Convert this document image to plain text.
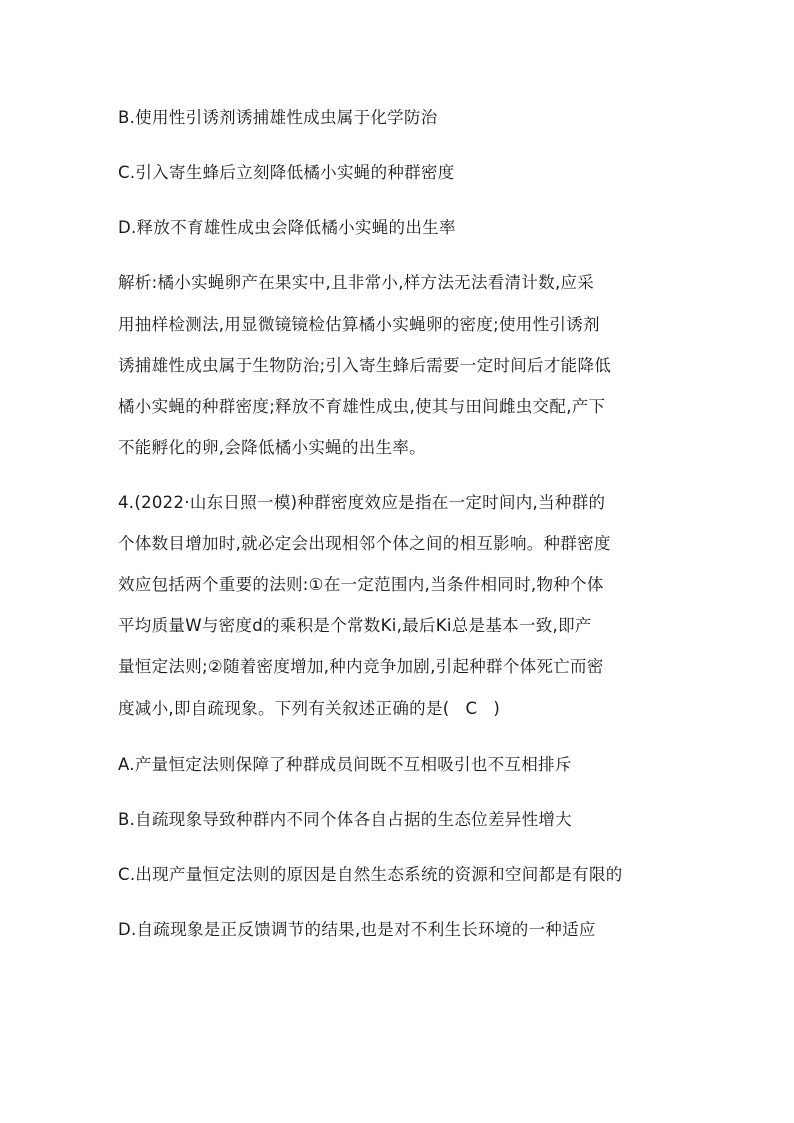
B.使用性引诱剂诱捕雄性成虫属于化学防治
C.引入寄生蜂后立刻降低橘小实蝇的种群密度
D.释放不育雄性成虫会降低橘小实蝇的出生率
解析:橘小实蝇卵产在果实中,且非常小,样方法无法看清计数,应采
用抽样检测法,用显微镜镜检估算橘小实蝇卵的密度;使用性引诱剂
诱捕雄性成虫属于生物防治;引入寄生蜂后需要一定时间后才能降低
橘小实蝇的种群密度;释放不育雄性成虫,使其与田间雌虫交配,产下
不能孵化的卵,会降低橘小实蝇的出生率。
4.(2022·山东日照一模)种群密度效应是指在一定时间内,当种群的
个体数目增加时,就必定会出现相邻个体之间的相互影响。种群密度
效应包括两个重要的法则:①在一定范围内,当条件相同时,物种个体
平均质量W与密度d的乘积是个常数Ki,最后Ki总是基本一致,即产
量恒定法则;②随着密度增加,种内竞争加剧,引起种群个体死亡而密
度减小,即自疏现象。下列有关叙述正确的是( C )
A.产量恒定法则保障了种群成员间既不互相吸引也不互相排斥
B.自疏现象导致种群内不同个体各自占据的生态位差异性增大
C.出现产量恒定法则的原因是自然生态系统的资源和空间都是有限的
D.自疏现象是正反馈调节的结果,也是对不利生长环境的一种适应
